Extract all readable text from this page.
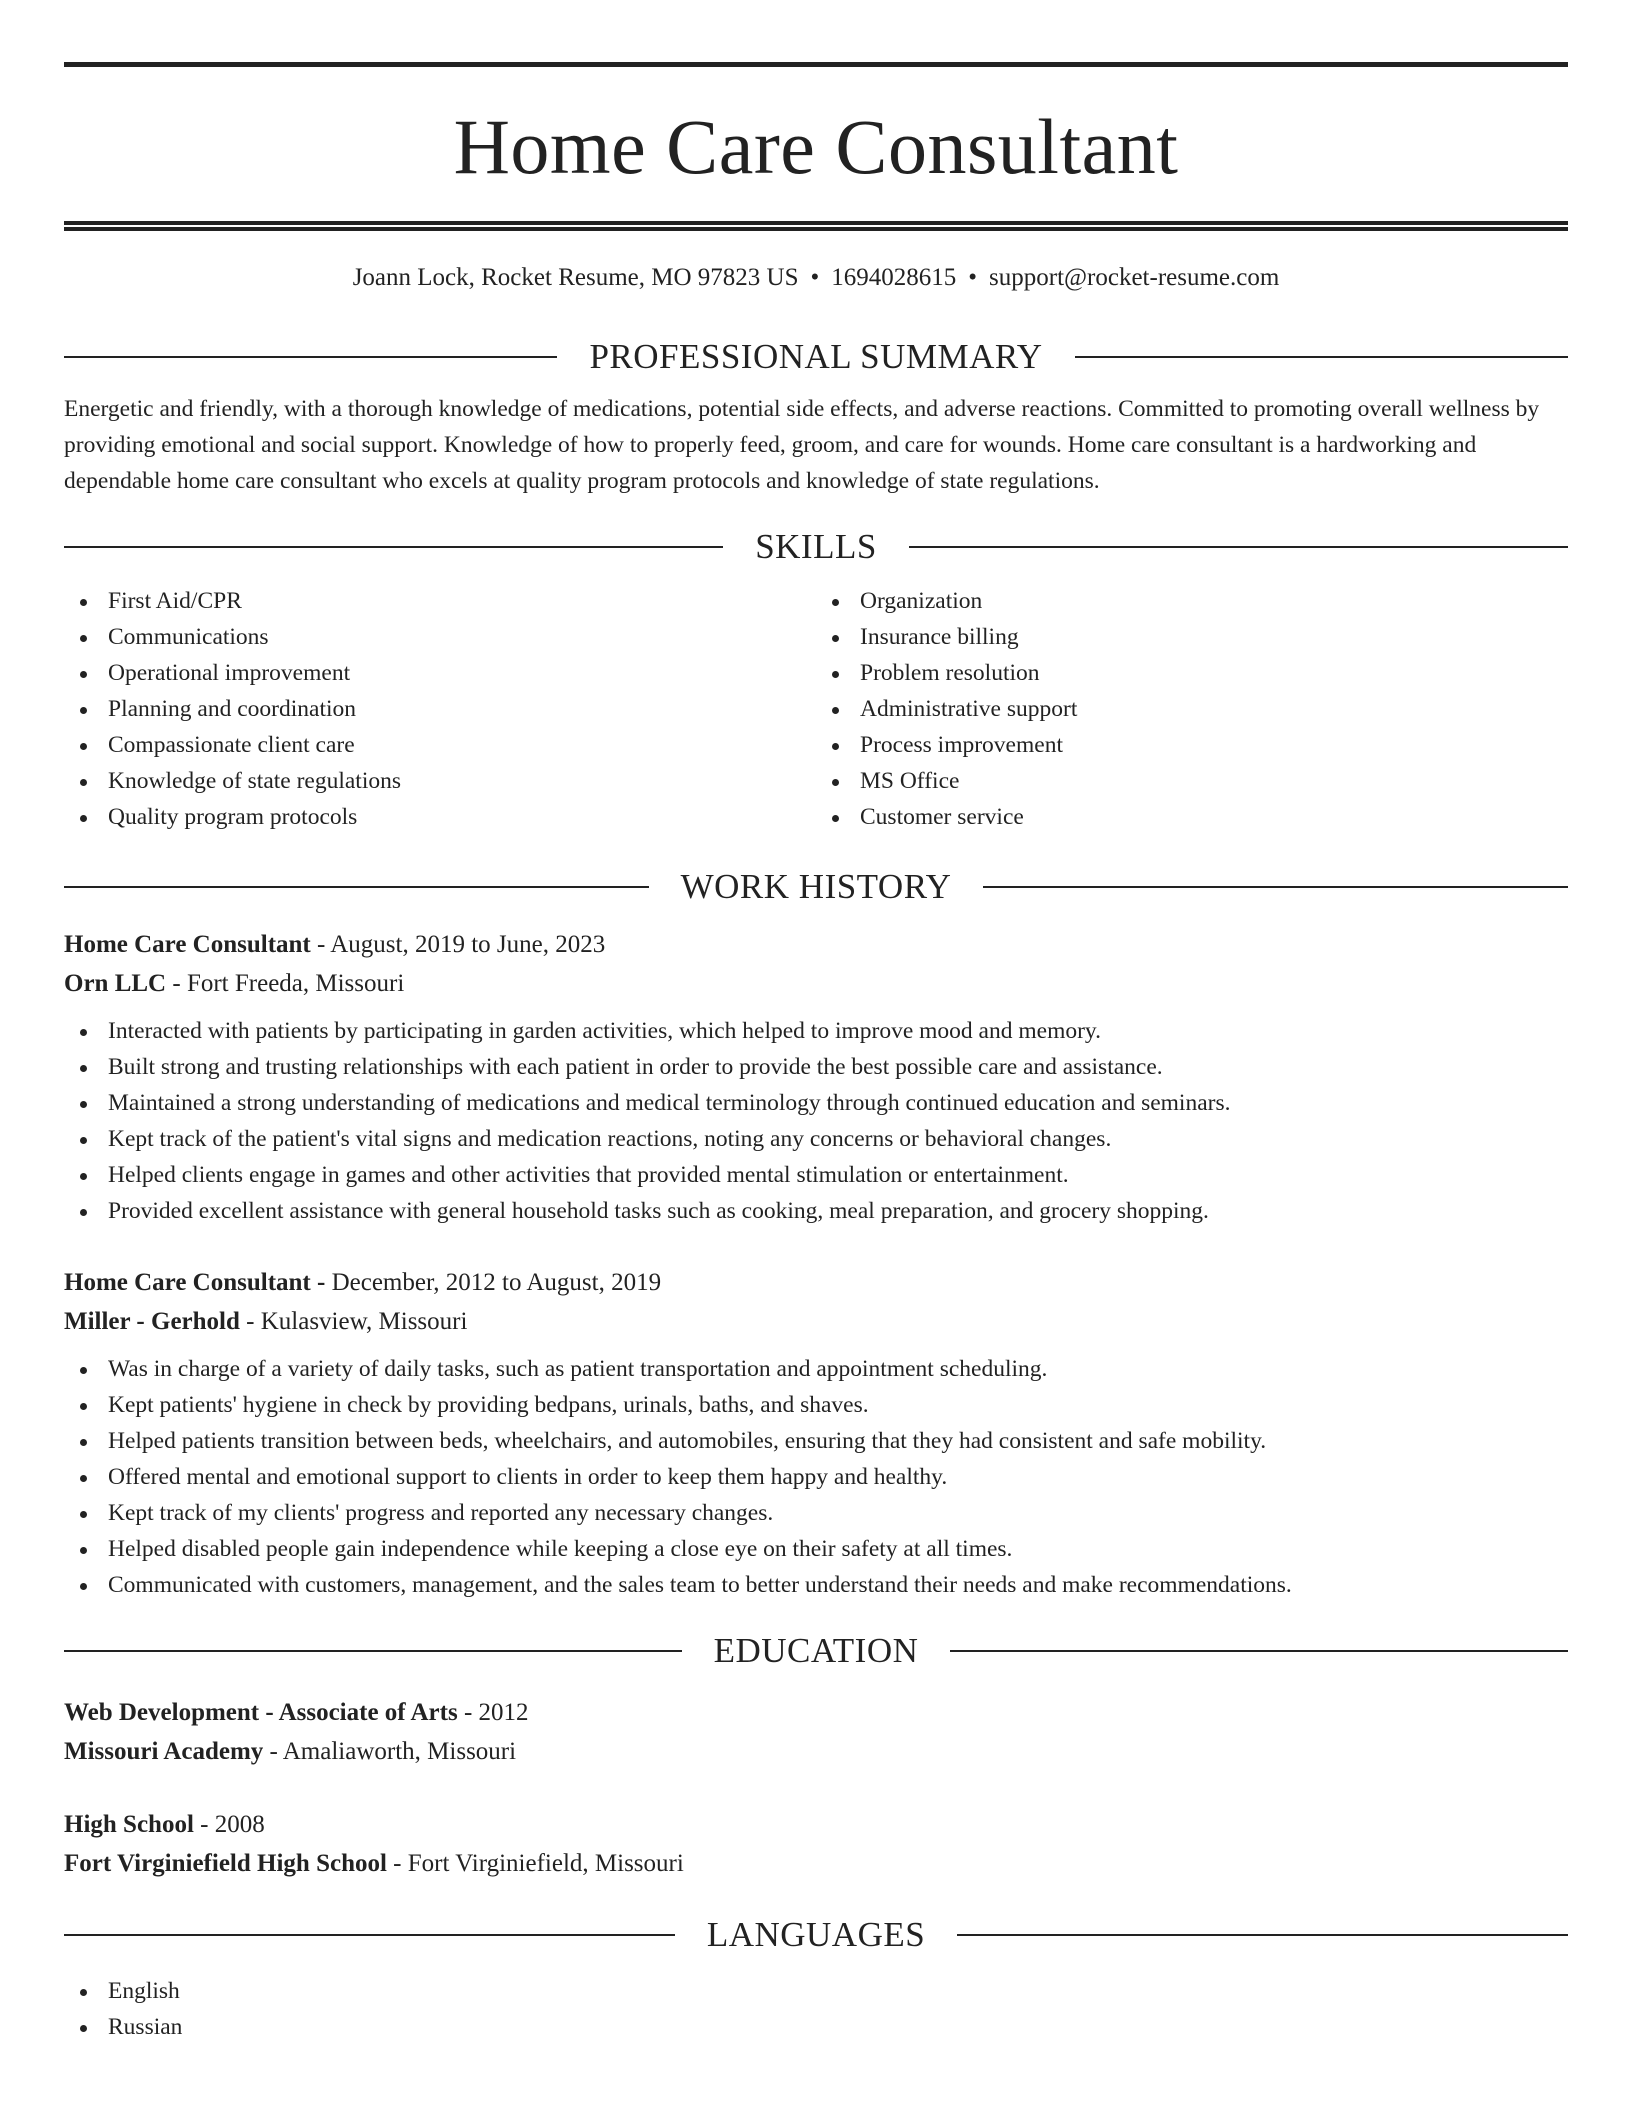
Home Care Consultant
Joann Lock, Rocket Resume, MO 97823 US • 1694028615 • support@rocket-resume.com
PROFESSIONAL SUMMARY

Energetic and friendly, with a thorough knowledge of medications, potential side effects, and adverse reactions. Committed to promoting overall wellness by providing emotional and social support. Knowledge of how to properly feed, groom, and care for wounds. Home care consultant is a hardworking and dependable home care consultant who excels at quality program protocols and knowledge of state regulations.

SKILLS
First Aid/CPR
Communications
Operational improvement
Planning and coordination
Compassionate client care
Knowledge of state regulations
Quality program protocols
Organization
Insurance billing
Problem resolution
Administrative support
Process improvement
MS Office
Customer service
WORK HISTORY
Home Care Consultant - August, 2019 to June, 2023
Orn LLC - Fort Freeda, Missouri
Interacted with patients by participating in garden activities, which helped to improve mood and memory.
Built strong and trusting relationships with each patient in order to provide the best possible care and assistance.
Maintained a strong understanding of medications and medical terminology through continued education and seminars.
Kept track of the patient's vital signs and medication reactions, noting any concerns or behavioral changes.
Helped clients engage in games and other activities that provided mental stimulation or entertainment.
Provided excellent assistance with general household tasks such as cooking, meal preparation, and grocery shopping.
Home Care Consultant - December, 2012 to August, 2019
Miller - Gerhold - Kulasview, Missouri
Was in charge of a variety of daily tasks, such as patient transportation and appointment scheduling.
Kept patients' hygiene in check by providing bedpans, urinals, baths, and shaves.
Helped patients transition between beds, wheelchairs, and automobiles, ensuring that they had consistent and safe mobility.
Offered mental and emotional support to clients in order to keep them happy and healthy.
Kept track of my clients' progress and reported any necessary changes.
Helped disabled people gain independence while keeping a close eye on their safety at all times.
Communicated with customers, management, and the sales team to better understand their needs and make recommendations.
EDUCATION
Web Development - Associate of Arts - 2012
Missouri Academy - Amaliaworth, Missouri
High School - 2008
Fort Virginiefield High School - Fort Virginiefield, Missouri
LANGUAGES
English
Russian
